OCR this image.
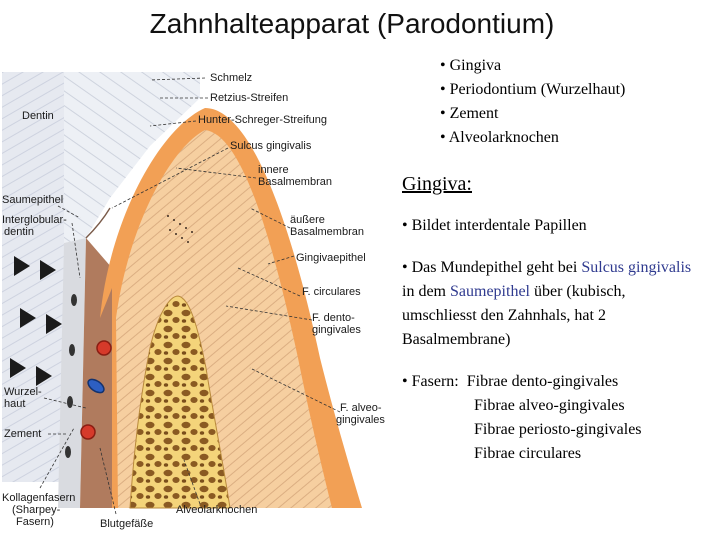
Zahnhalteapparat (Parodontium)
Schmelz
Retzius-Streifen
Hunter-Schreger-Streifung
Dentin
Sulcus gingivalis
innere
Basalmembran
Saumepithel
Interglobular-
dentin
äußere
Basalmembran
Gingivaepithel
F. circulares
F. dento-
gingivales
Wurzel-
haut	F. alveo-
gingivales
Zement
Kollagenfasern
(Sharpey-
Fasern)	Blutgefäße
Alveolarknochen
• Gingiva
• Periodontium (Wurzelhaut)
• Zement
• Alveolarknochen
Gingiva:
• Bildet interdentale Papillen
• Das Mundepithel geht bei Sulcus gingivalis in dem Saumepithel über (kubisch, umschliesst den Zahnhals, hat 2 Basalmembrane)
• Fasern: Fibrae dento-gingivales
Fibrae alveo-gingivales
Fibrae periosto-gingivales
Fibrae circulares
